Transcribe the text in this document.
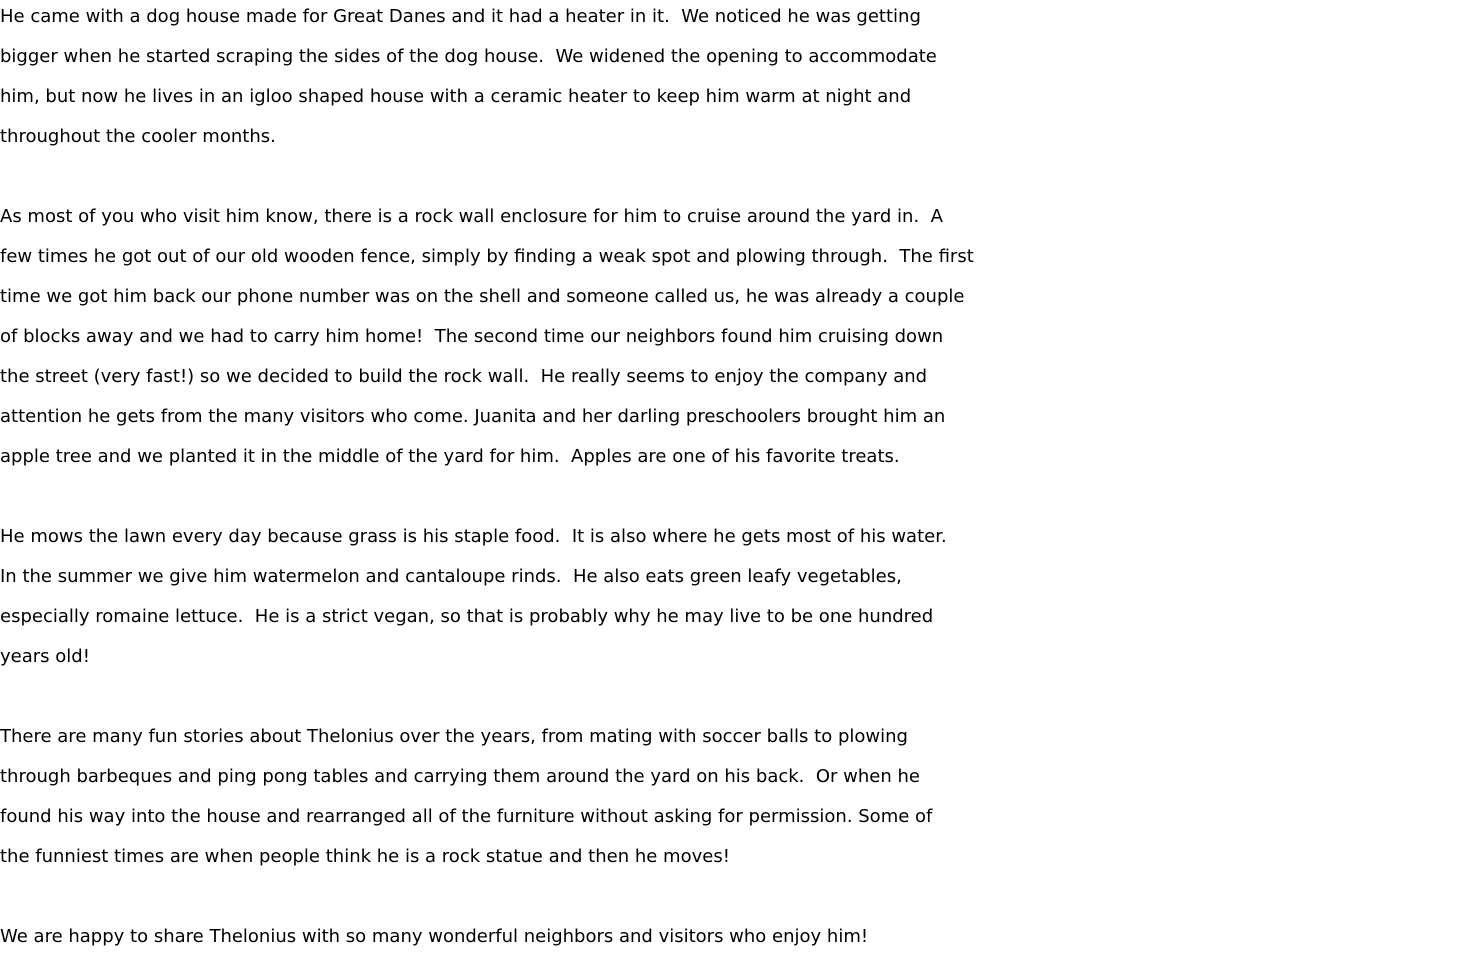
He came with a dog house made for Great Danes and it had a heater in it.  We noticed he was getting
bigger when he started scraping the sides of the dog house.  We widened the opening to accommodate
him, but now he lives in an igloo shaped house with a ceramic heater to keep him warm at night and
throughout the cooler months.

As most of you who visit him know, there is a rock wall enclosure for him to cruise around the yard in.  A
few times he got out of our old wooden fence, simply by finding a weak spot and plowing through.  The first
time we got him back our phone number was on the shell and someone called us, he was already a couple
of blocks away and we had to carry him home!  The second time our neighbors found him cruising down
the street (very fast!) so we decided to build the rock wall.  He really seems to enjoy the company and
attention he gets from the many visitors who come. Juanita and her darling preschoolers brought him an
apple tree and we planted it in the middle of the yard for him.  Apples are one of his favorite treats.

He mows the lawn every day because grass is his staple food.  It is also where he gets most of his water.
In the summer we give him watermelon and cantaloupe rinds.  He also eats green leafy vegetables,
especially romaine lettuce.  He is a strict vegan, so that is probably why he may live to be one hundred
years old!

There are many fun stories about Thelonius over the years, from mating with soccer balls to plowing
through barbeques and ping pong tables and carrying them around the yard on his back.  Or when he
found his way into the house and rearranged all of the furniture without asking for permission. Some of
the funniest times are when people think he is a rock statue and then he moves!

We are happy to share Thelonius with so many wonderful neighbors and visitors who enjoy him!
